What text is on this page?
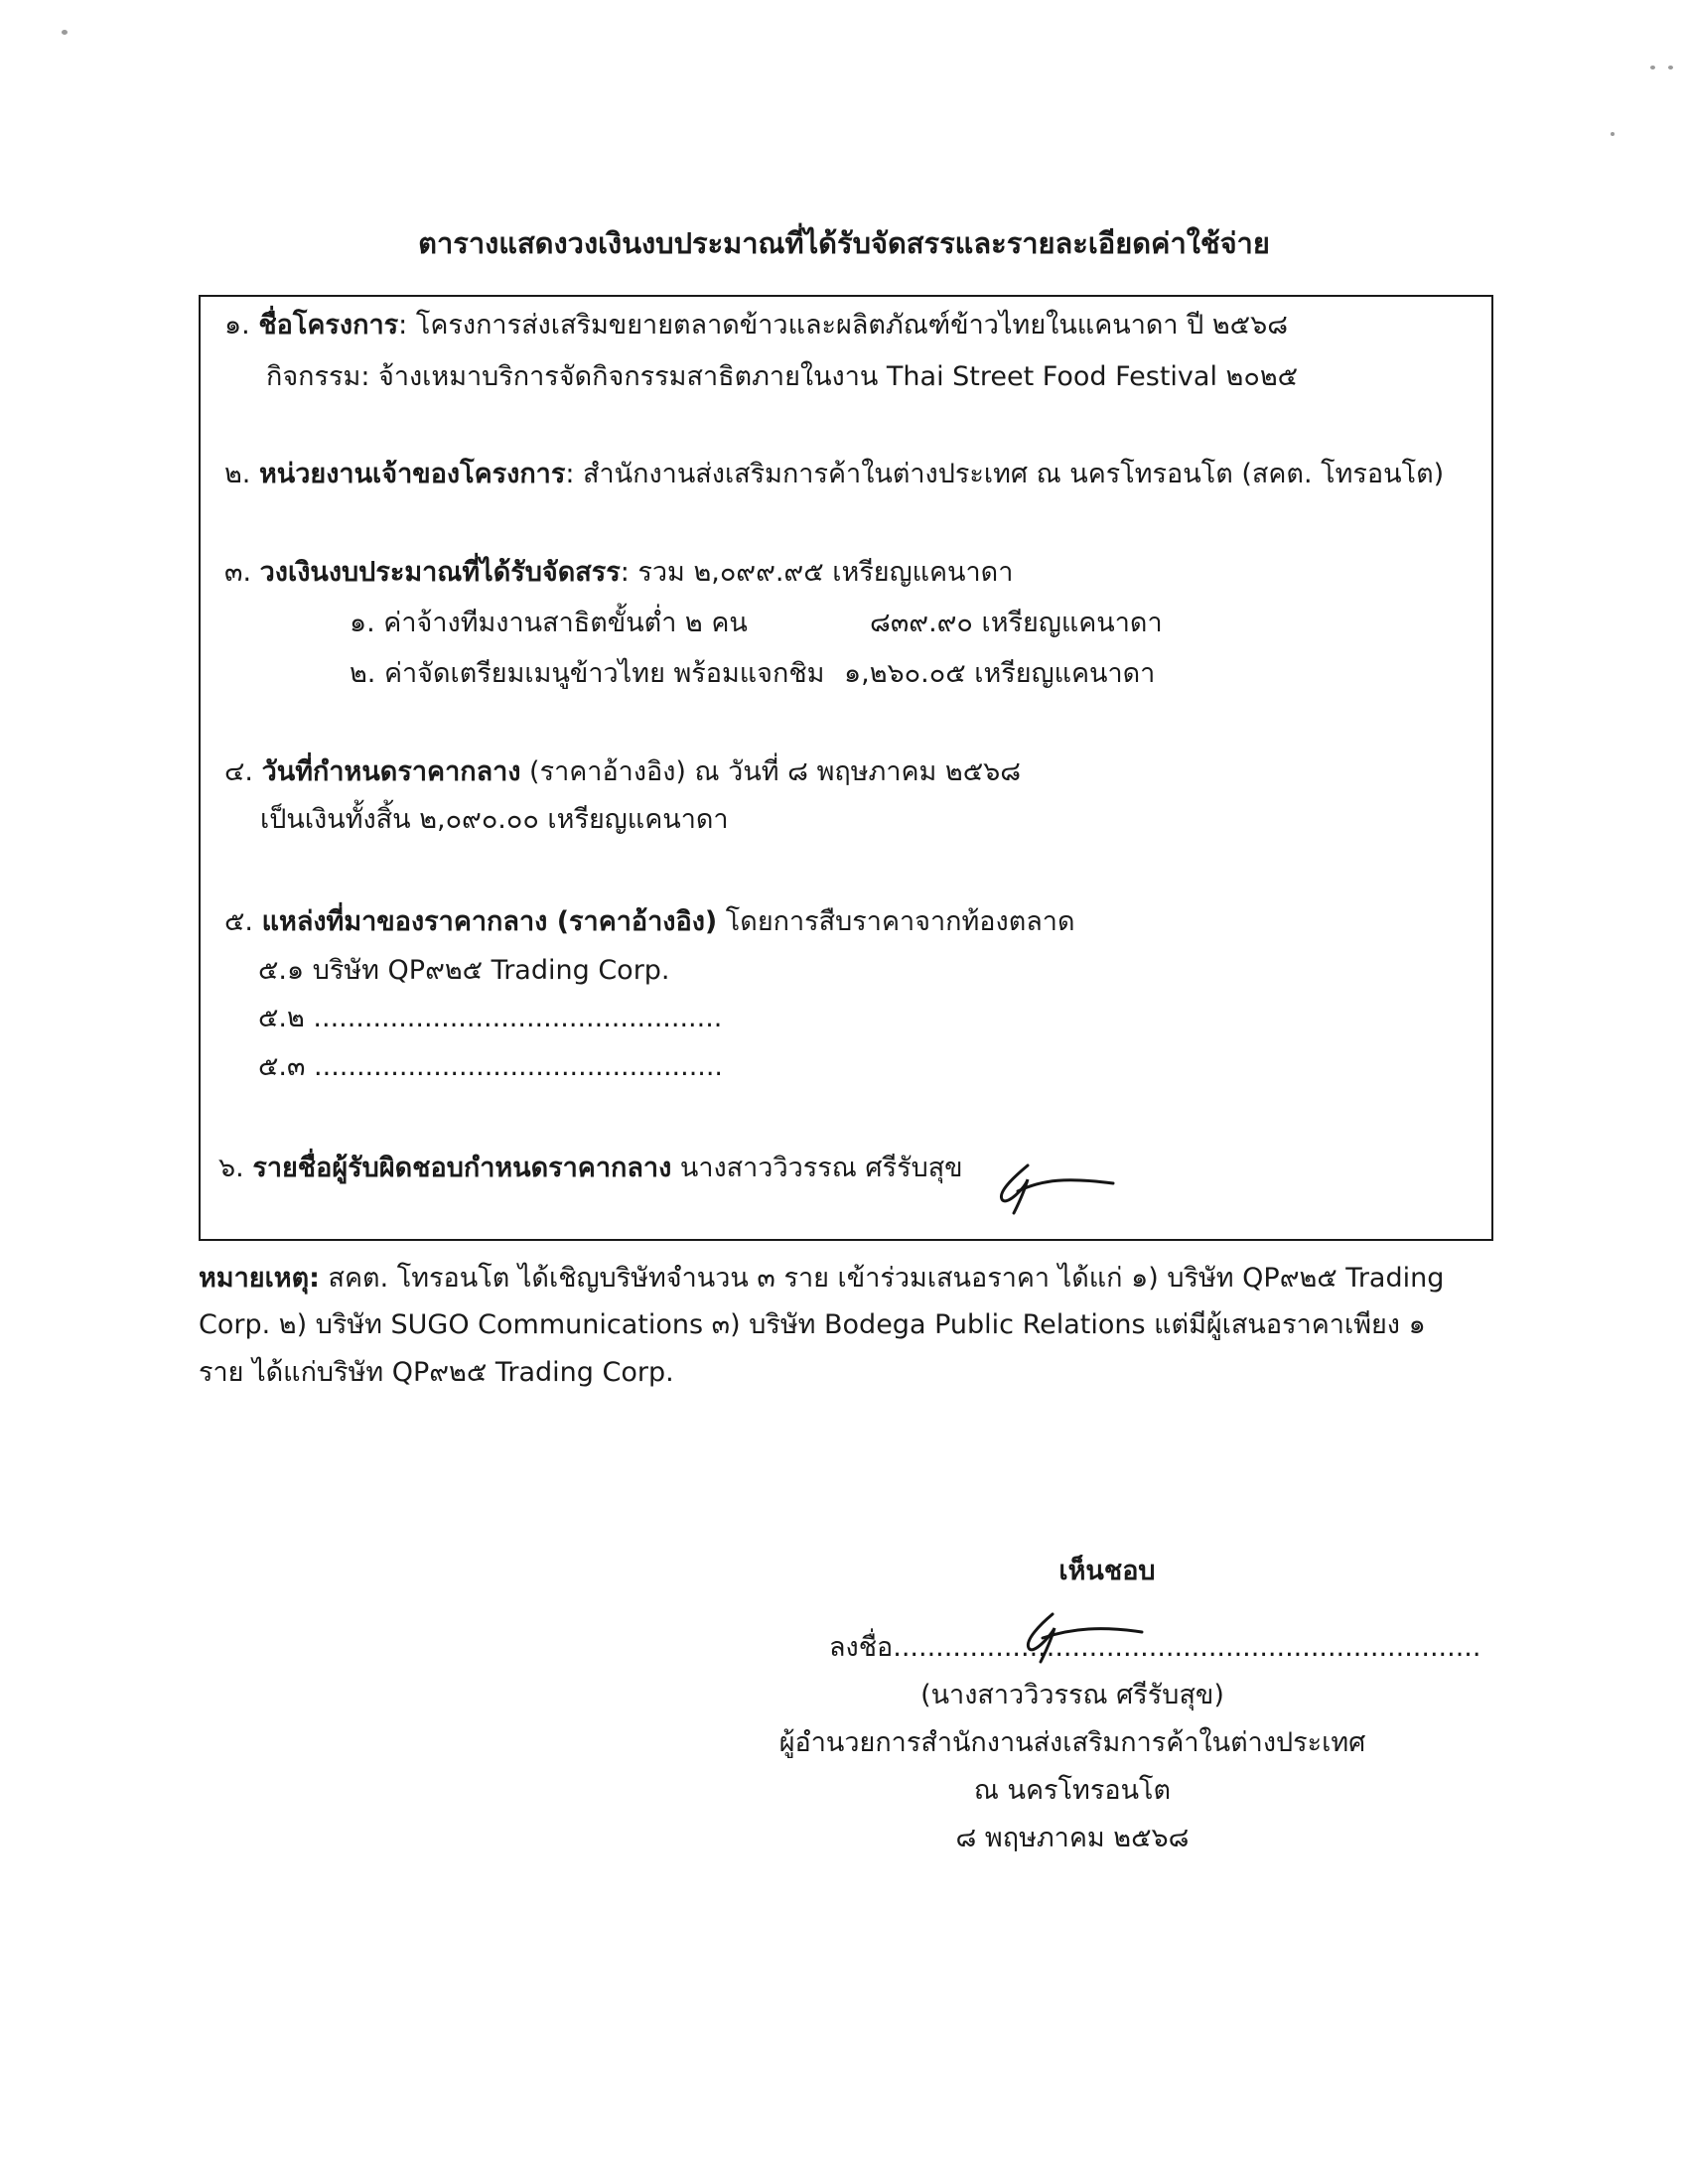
ตารางแสดงวงเงินงบประมาณที่ได้รับจัดสรรและรายละเอียดค่าใช้จ่าย
๑. ชื่อโครงการ: โครงการส่งเสริมขยายตลาดข้าวและผลิตภัณฑ์ข้าวไทยในแคนาดา ปี ๒๕๖๘
กิจกรรม: จ้างเหมาบริการจัดกิจกรรมสาธิตภายในงาน Thai Street Food Festival ๒๐๒๕
๒. หน่วยงานเจ้าของโครงการ: สำนักงานส่งเสริมการค้าในต่างประเทศ ณ นครโทรอนโต (สคต. โทรอนโต)
๓. วงเงินงบประมาณที่ได้รับจัดสรร: รวม ๒,๐๙๙.๙๕ เหรียญแคนาดา
๑. ค่าจ้างทีมงานสาธิตขั้นต่ำ ๒ คน	๘๓๙.๙๐ เหรียญแคนาดา
๒. ค่าจัดเตรียมเมนูข้าวไทย พร้อมแจกชิม ๑,๒๖๐.๐๕ เหรียญแคนาดา
๔. วันที่กำหนดราคากลาง (ราคาอ้างอิง) ณ วันที่ ๘ พฤษภาคม ๒๕๖๘
เป็นเงินทั้งสิ้น ๒,๐๙๐.๐๐ เหรียญแคนาดา
๕. แหล่งที่มาของราคากลาง (ราคาอ้างอิง) โดยการสืบราคาจากท้องตลาด
๕.๑ บริษัท QP๙๒๕ Trading Corp.
๕.๒ ................................................
๕.๓ ................................................
๖. รายชื่อผู้รับผิดชอบกำหนดราคากลาง นางสาววิวรรณ ศรีรับสุข
หมายเหตุ: สคต. โทรอนโต ได้เชิญบริษัทจำนวน ๓ ราย เข้าร่วมเสนอราคา ได้แก่ ๑) บริษัท QP๙๒๕ Trading
Corp. ๒) บริษัท SUGO Communications ๓) บริษัท Bodega Public Relations แต่มีผู้เสนอราคาเพียง ๑
ราย ได้แก่บริษัท QP๙๒๕ Trading Corp.
เห็นชอบ
ลงชื่อ.....................................................................
(นางสาววิวรรณ ศรีรับสุข)
ผู้อำนวยการสำนักงานส่งเสริมการค้าในต่างประเทศ
ณ นครโทรอนโต
๘ พฤษภาคม ๒๕๖๘
